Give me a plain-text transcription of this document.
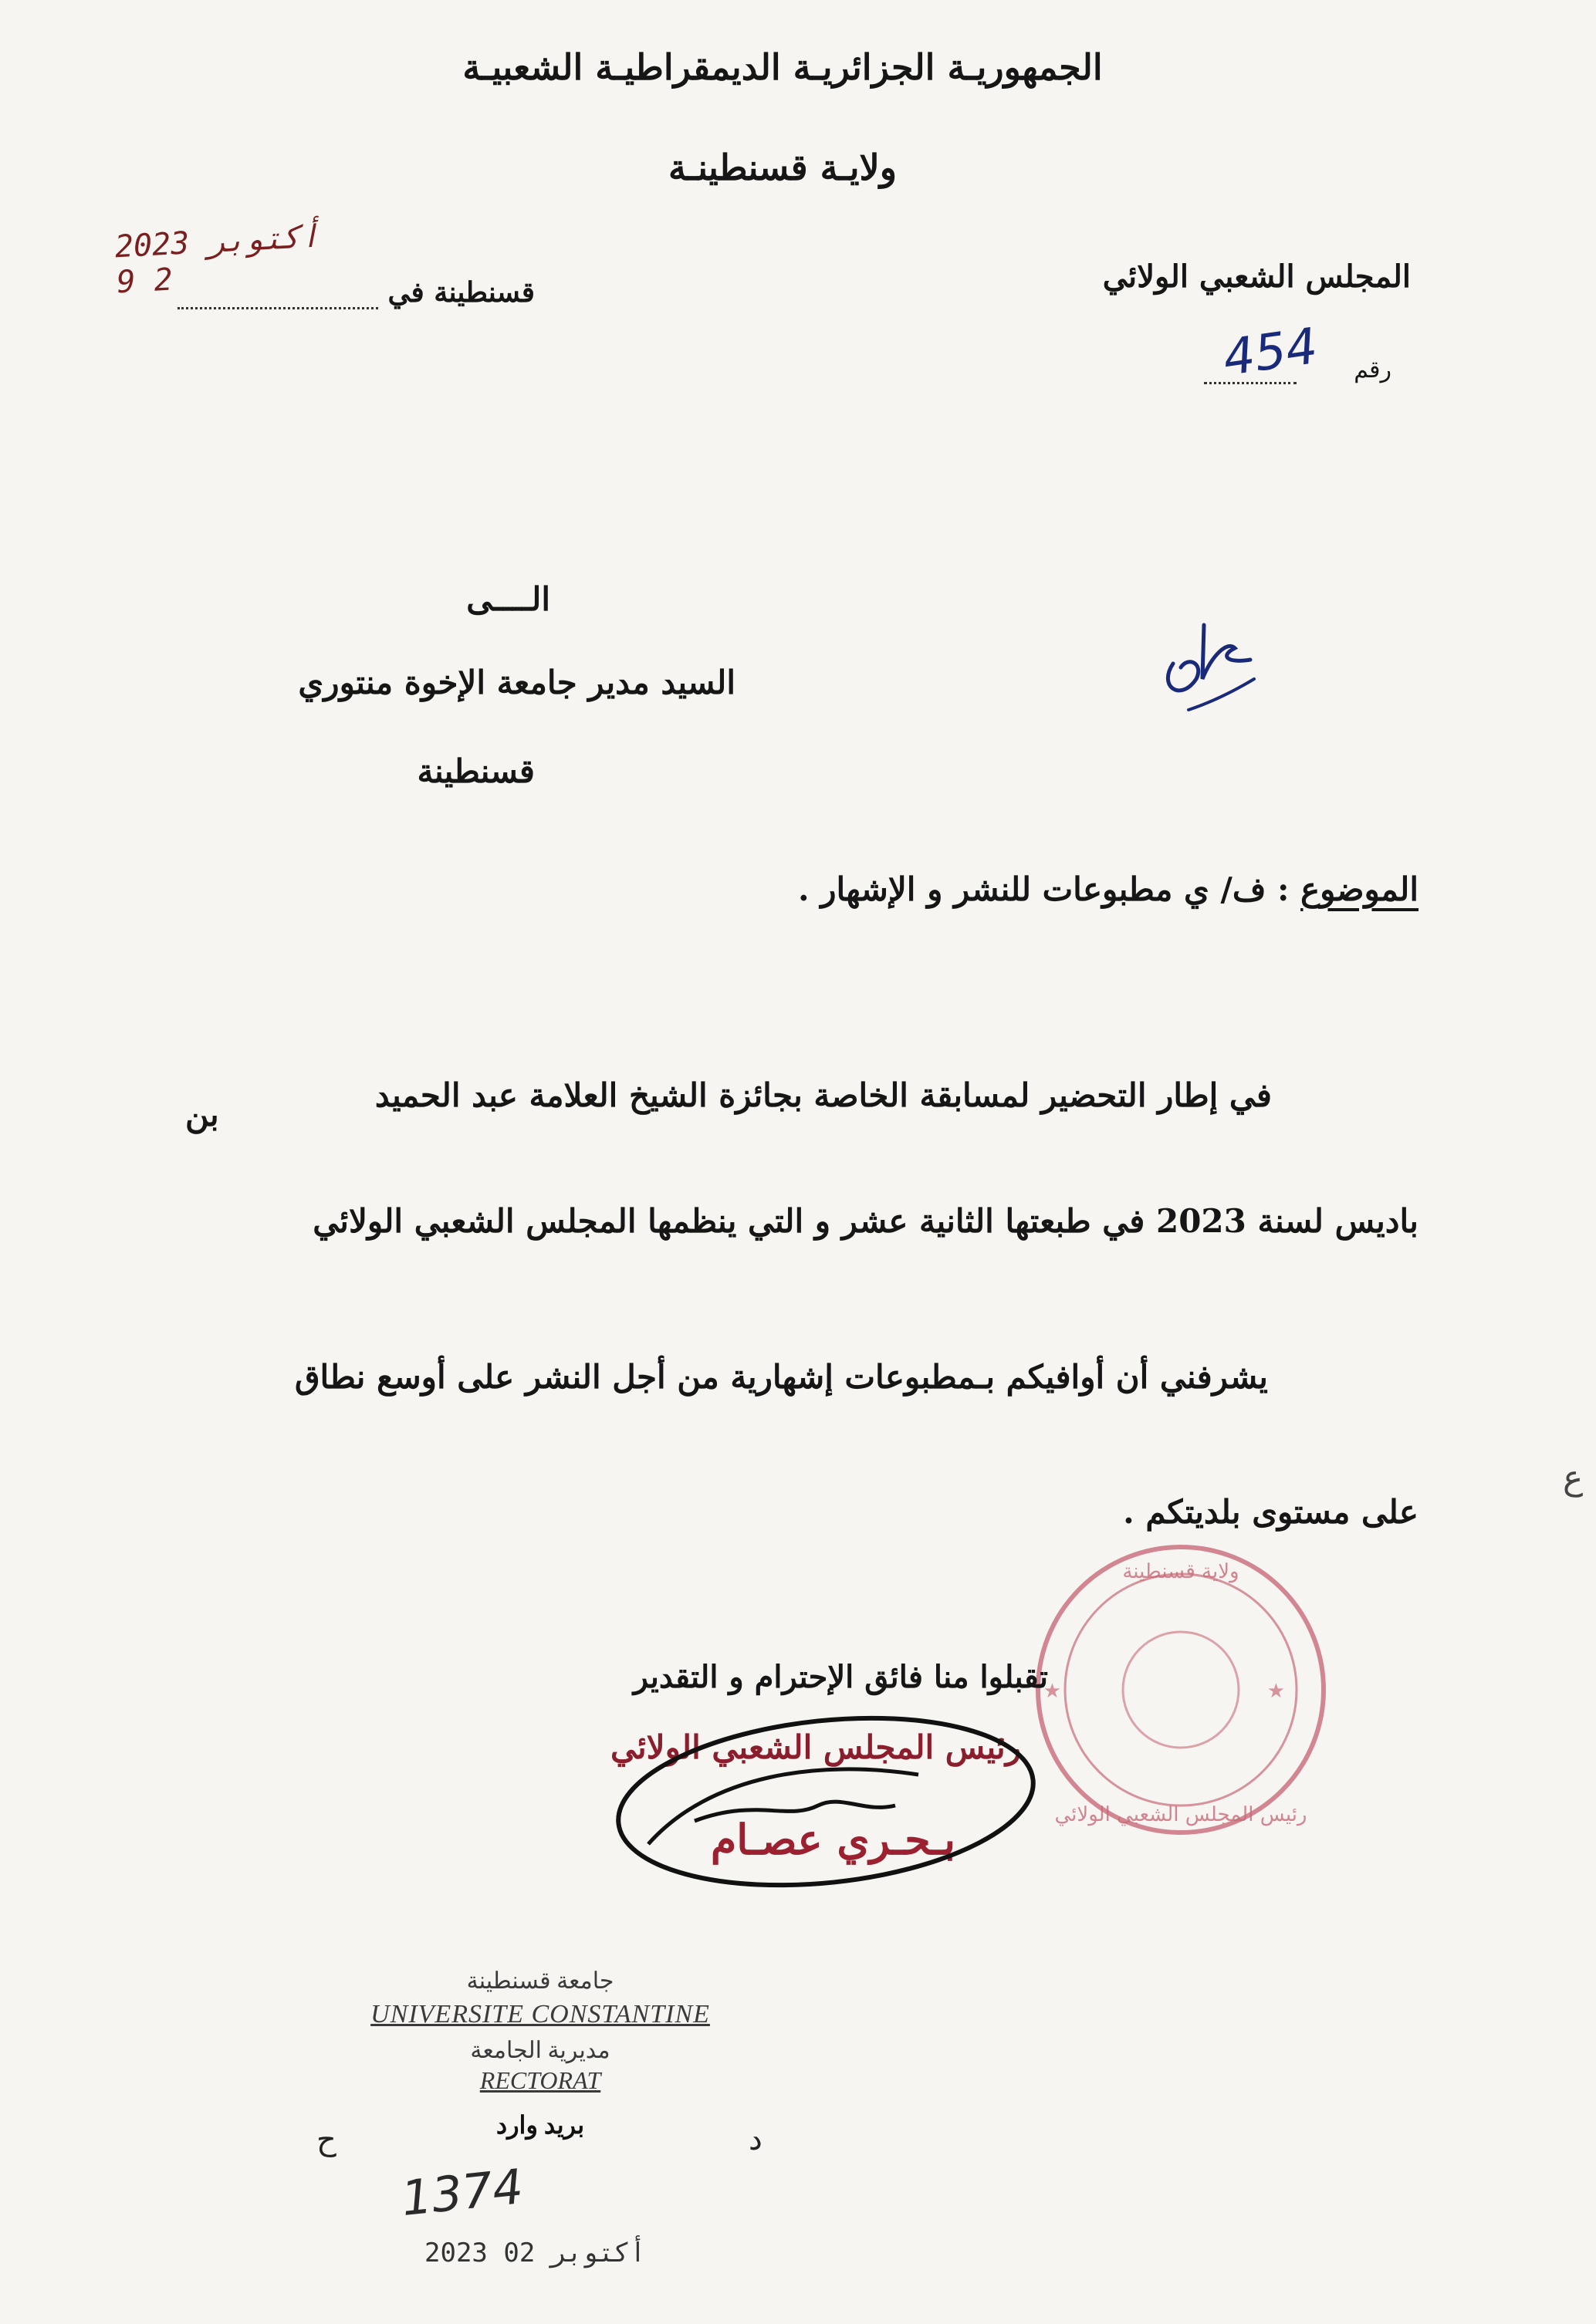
الجمهوريـة الجزائريـة الديمقراطيـة الشعبيـة
ولايـة قسنطينـة
2023 أكتوبر 2 9	المجلس الشعبي الولائي
قسنطينة في
رقم
454
الــــى
السيد مدير جامعة الإخوة منتوري
قسنطينة
الموضوع : ف/ ي مطبوعات للنشر و الإشهار .
في إطار التحضير لمسابقة الخاصة بجائزة الشيخ العلامة عبد الحميد
بن
باديس لسنة 2023 في طبعتها الثانية عشر و التي ينظمها المجلس الشعبي الولائي
يشرفني أن أوافيكم بـمطبوعات إشهارية من أجل النشر على أوسع نطاق
على مستوى بلديتكم .
ع
ولاية قسنطينة
رئيس المجلس الشعبي الولائي
★	★
تقبلوا منا فائق الإحترام و التقدير
رئيس المجلس الشعبي الولائي
بـحـري عصـام
جامعة قسنطينة
UNIVERSITE CONSTANTINE
مديرية الجامعة
RECTORAT
بريد وارد
1374
2023 أكتوبر 02
ح	ﺩ
